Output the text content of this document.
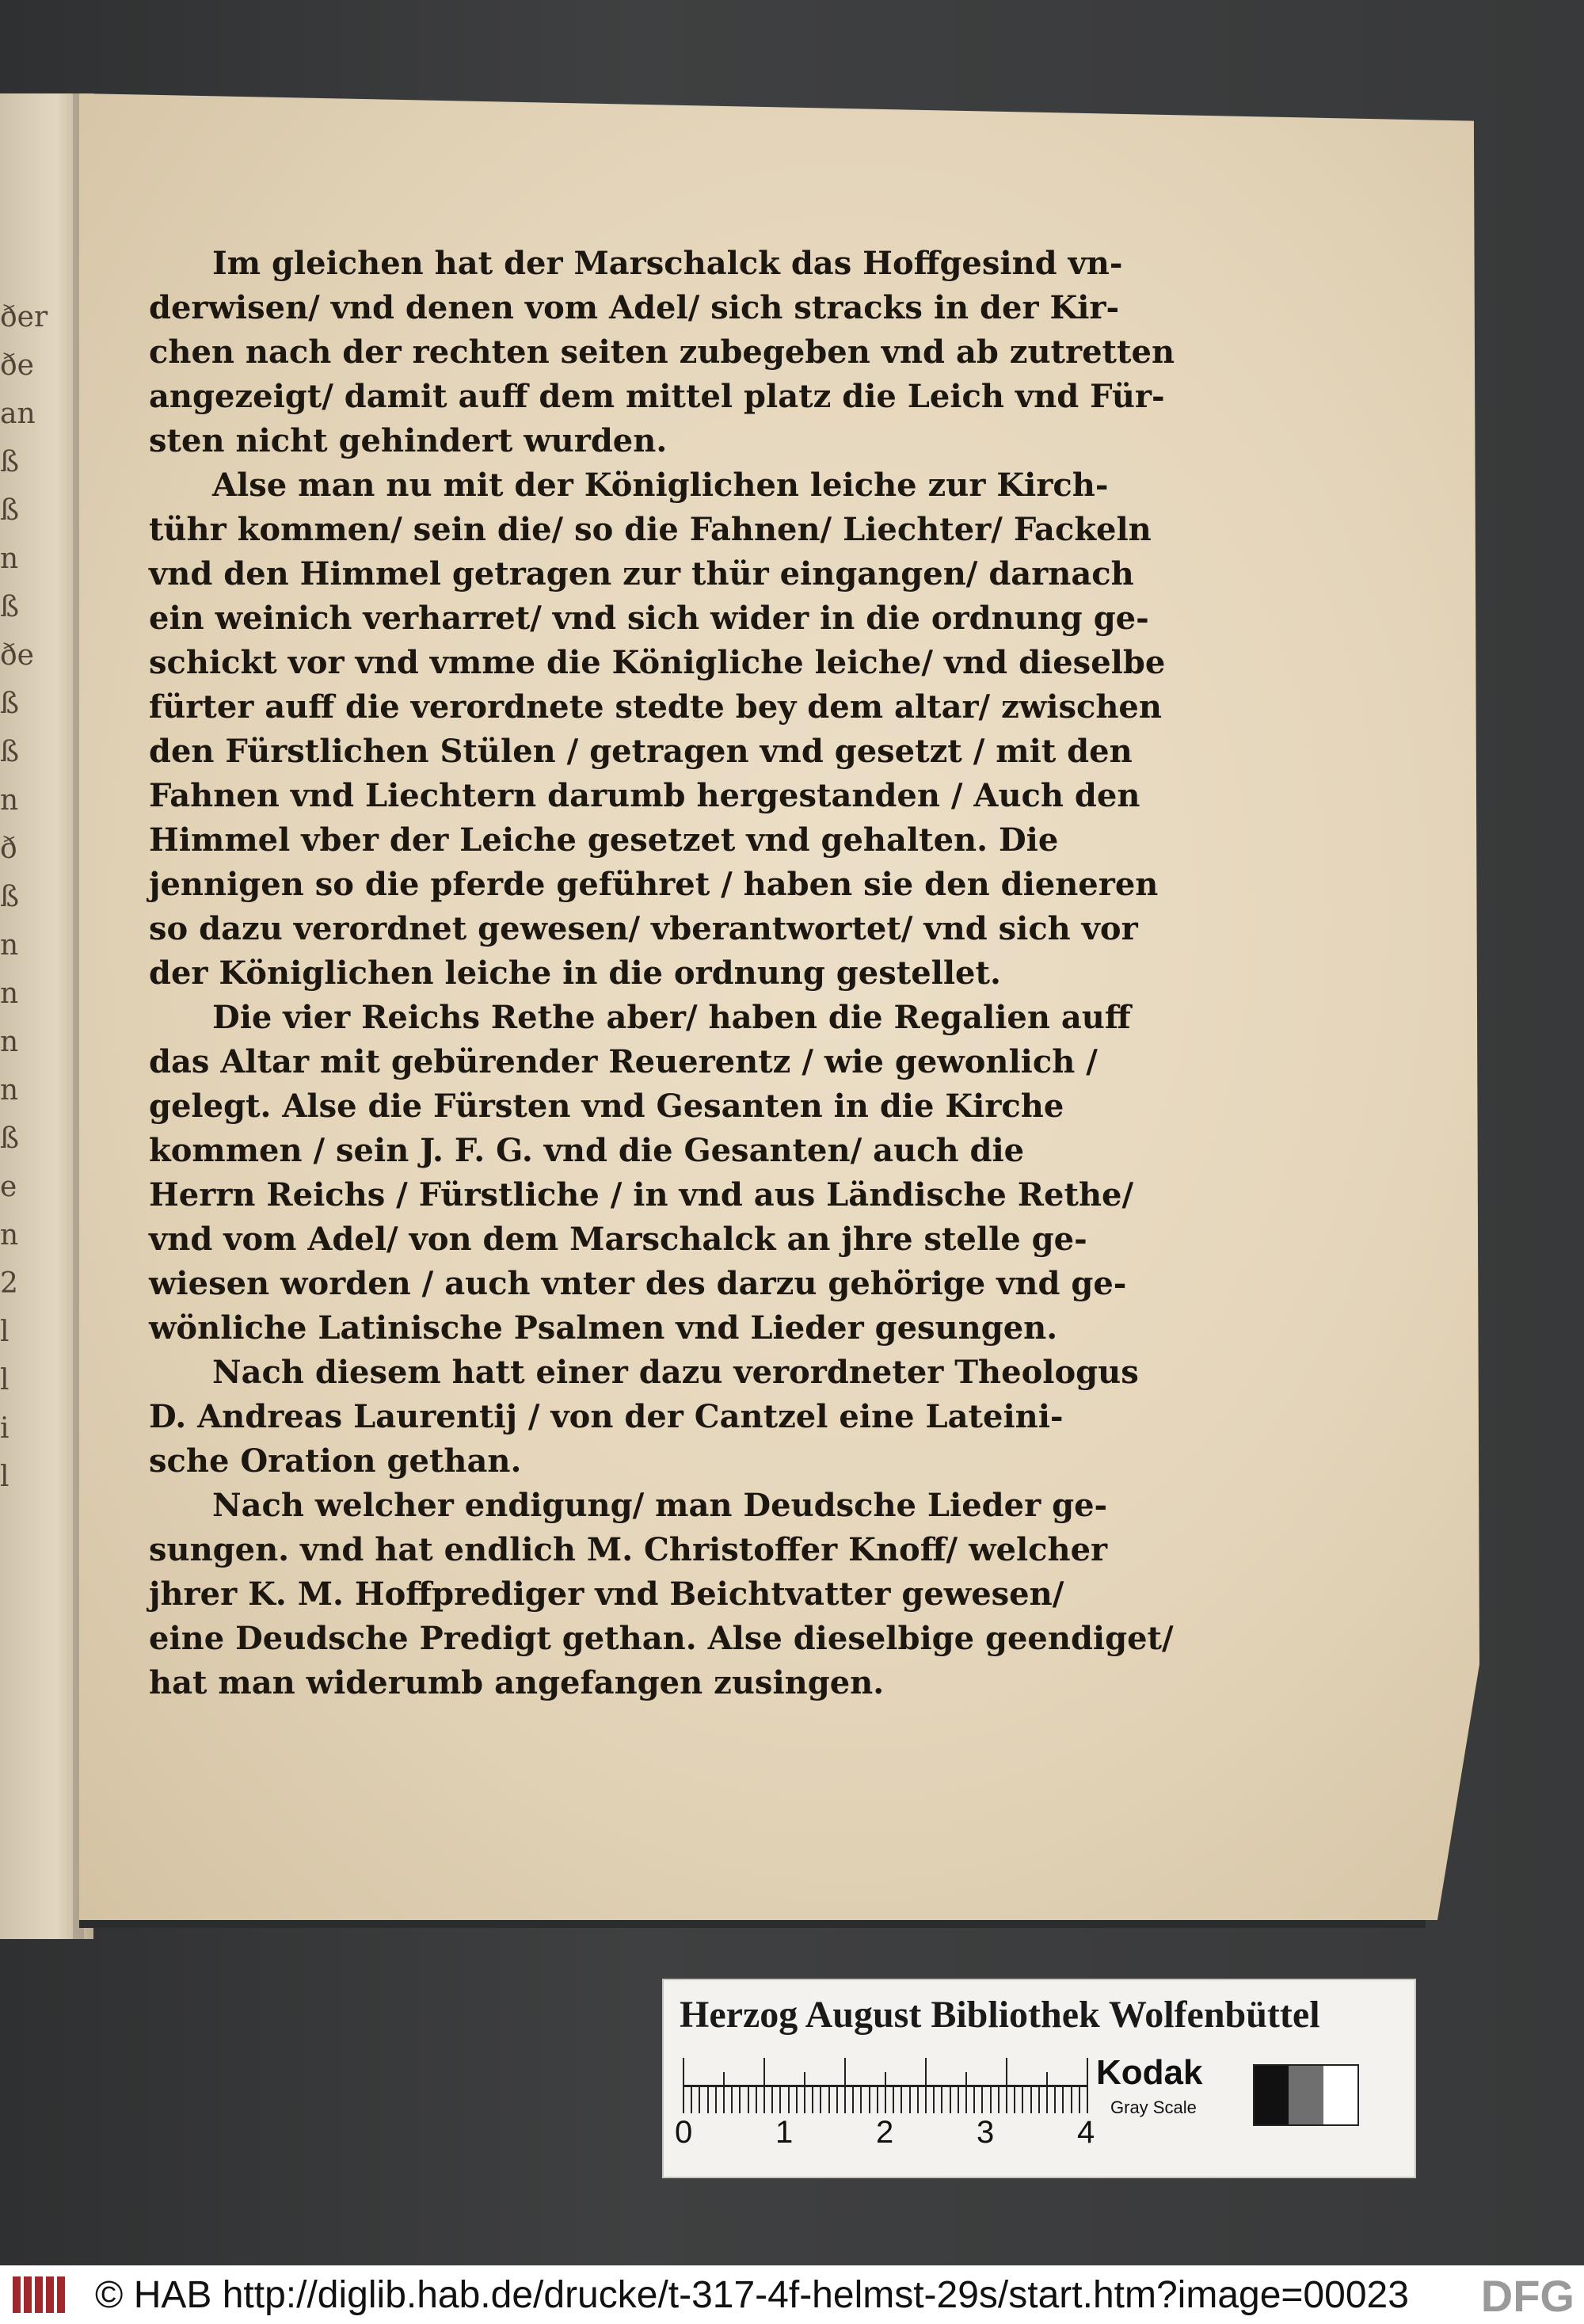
ðer
ðe
an
ß
ß
n
ß
ðe
ß
ß
n
ð
ß
n
n
n
n
ß
e
n
2
l
l
i
l
Im gleichen hat der Marschalck das Hoffgesind vn-
derwisen/ vnd denen vom Adel/ sich stracks in der Kir-
chen nach der rechten seiten zubegeben vnd ab zutretten
angezeigt/ damit auff dem mittel platz die Leich vnd Für-
sten nicht gehindert wurden.
Alse man nu mit der Königlichen leiche zur Kirch-
tühr kommen/ sein die/ so die Fahnen/ Liechter/ Fackeln
vnd den Himmel getragen zur thür eingangen/ darnach
ein weinich verharret/ vnd sich wider in die ordnung ge-
schickt vor vnd vmme die Königliche leiche/ vnd dieselbe
fürter auff die verordnete stedte bey dem altar/ zwischen
den Fürstlichen Stülen / getragen vnd gesetzt / mit den
Fahnen vnd Liechtern darumb hergestanden / Auch den
Himmel vber der Leiche gesetzet vnd gehalten. Die
jennigen so die pferde geführet / haben sie den dieneren
so dazu verordnet gewesen/ vberantwortet/ vnd sich vor
der Königlichen leiche in die ordnung gestellet.
Die vier Reichs Rethe aber/ haben die Regalien auff
das Altar mit gebürender Reuerentz / wie gewonlich /
gelegt. Alse die Fürsten vnd Gesanten in die Kirche
kommen / sein J. F. G. vnd die Gesanten/ auch die
Herrn Reichs / Fürstliche / in vnd aus Ländische Rethe/
vnd vom Adel/ von dem Marschalck an jhre stelle ge-
wiesen worden / auch vnter des darzu gehörige vnd ge-
wönliche Latinische Psalmen vnd Lieder gesungen.
Nach diesem hatt einer dazu verordneter Theologus
D. Andreas Laurentij / von der Cantzel eine Lateini-
sche Oration gethan.
Nach welcher endigung/ man Deudsche Lieder ge-
sungen. vnd hat endlich M. Christoffer Knoff/ welcher
jhrer K. M. Hoffprediger vnd Beichtvatter gewesen/
eine Deudsche Predigt gethan. Alse dieselbige geendiget/
hat man widerumb angefangen zusingen.
Herzog August Bibliothek Wolfenbüttel
0	1	2	3	4
Kodak
Gray Scale
© HAB http://diglib.hab.de/drucke/t-317-4f-helmst-29s/start.htm?image=00023 DFG
